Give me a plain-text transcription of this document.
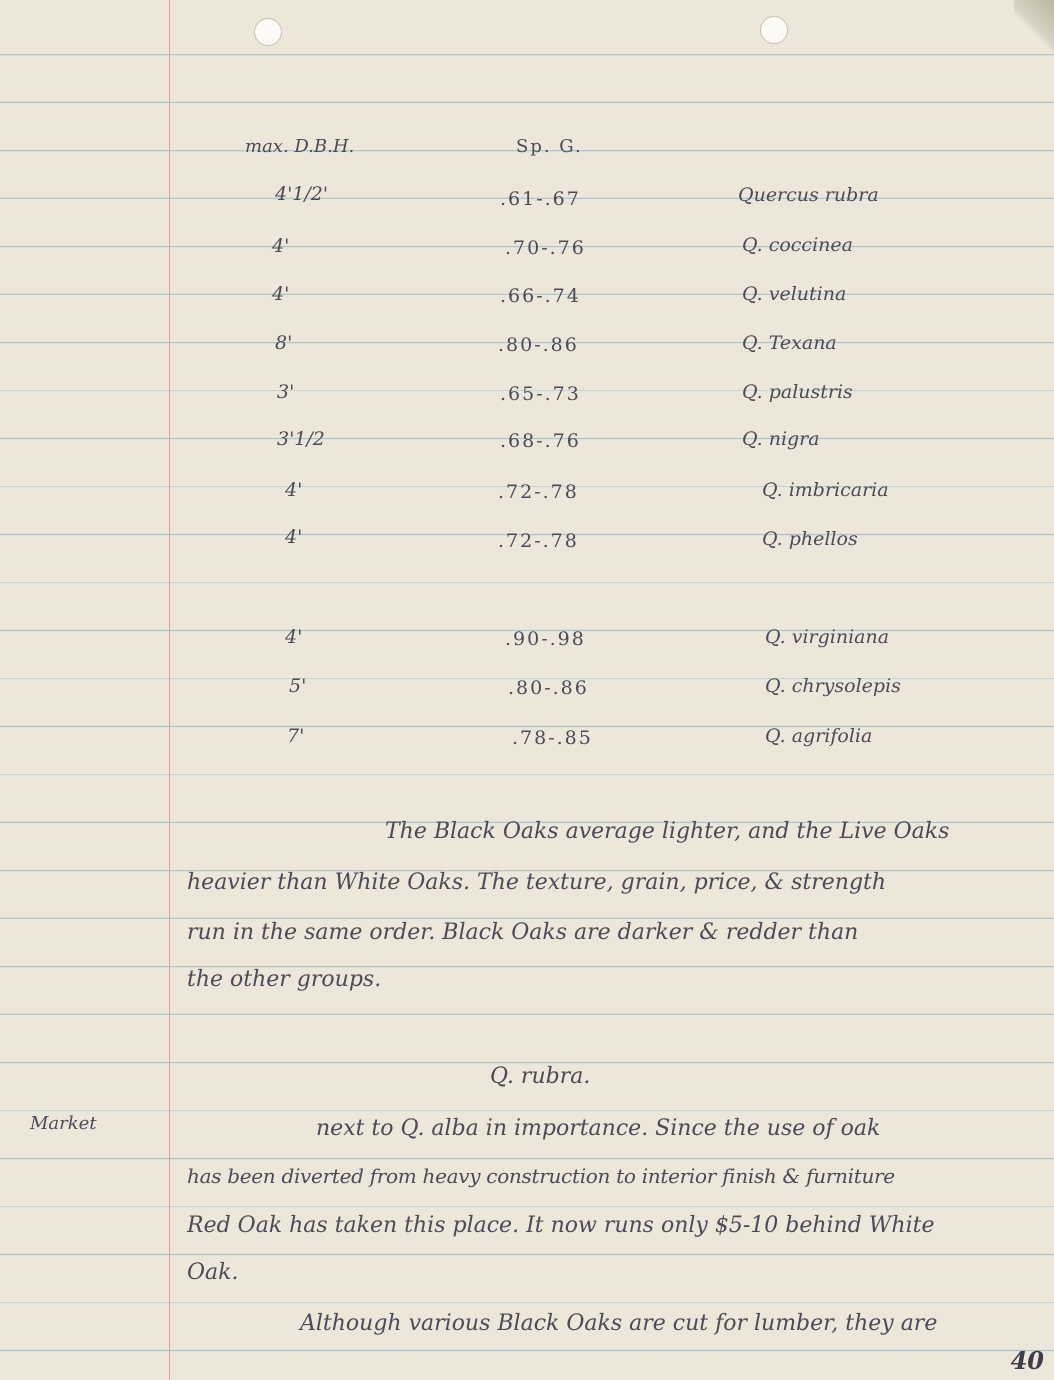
max. D.B.H.	Sp. G.
4'1/2'	.61-.67	Quercus rubra
4'	.70-.76	Q. coccinea
4'	.66-.74	Q. velutina
8'	.80-.86	Q. Texana
3'	.65-.73	Q. palustris
3'1/2	.68-.76	Q. nigra
4'	.72-.78	Q. imbricaria
4'	.72-.78	Q. phellos
4'	.90-.98	Q. virginiana
5'	.80-.86	Q. chrysolepis
7'	.78-.85	Q. agrifolia
The Black Oaks average lighter, and the Live Oaks
heavier than White Oaks. The texture, grain, price, & strength
run in the same order. Black Oaks are darker & redder than
the other groups.
Q. rubra.
Market	next to Q. alba in importance. Since the use of oak
has been diverted from heavy construction to interior finish & furniture
Red Oak has taken this place. It now runs only $5-10 behind White
Oak.
Although various Black Oaks are cut for lumber, they are
40
